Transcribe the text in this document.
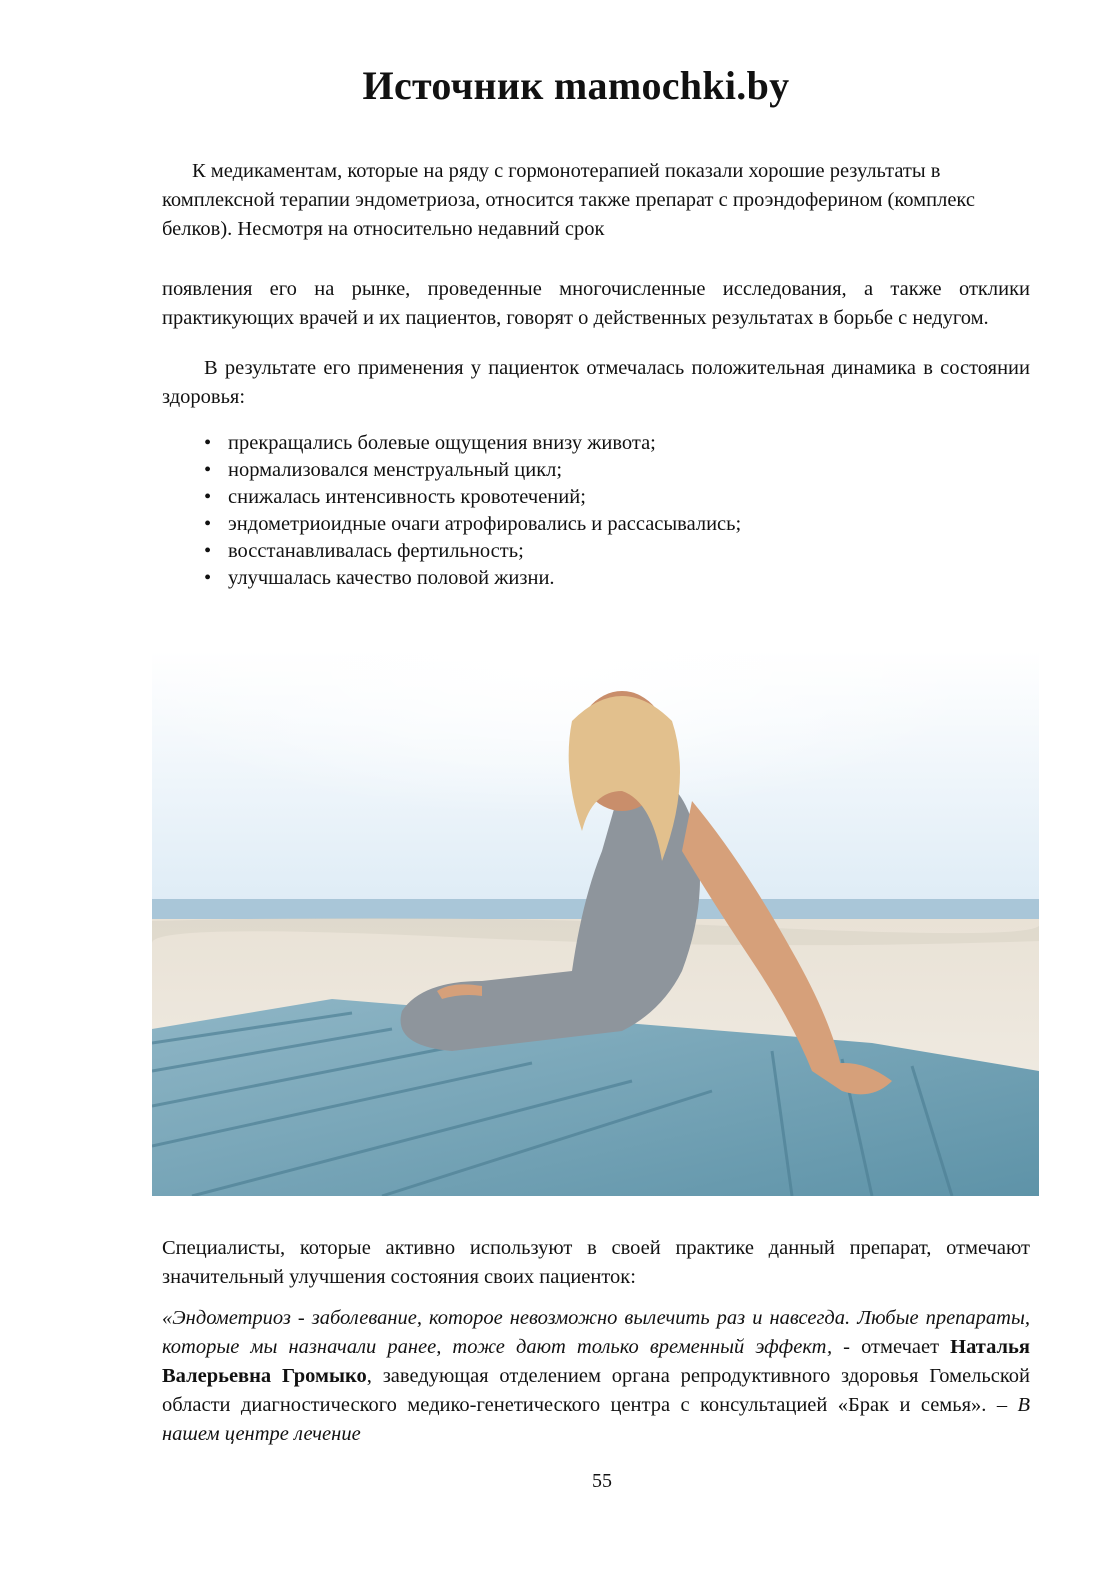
Источник mamochki.by

К медикаментам, которые на ряду с гормонотерапией показали хорошие результаты в комплексной терапии эндометриоза, относится также препарат с проэндоферином (комплекс белков). Несмотря на относительно недавний срок

появления его на рынке, проведенные многочисленные исследования, а также отклики практикующих врачей и их пациентов, говорят о действенных результатах в борьбе с недугом.

В результате его применения у пациенток отмечалась положительная динамика в состоянии здоровья:

• прекращались болевые ощущения внизу живота;
• нормализовался менструальный цикл;
• снижалась интенсивность кровотечений;
• эндометриоидные очаги атрофировались и рассасывались;
• восстанавливалась фертильность;
• улучшалась качество половой жизни.

Специалисты, которые активно используют в своей практике данный препарат, отмечают значительный улучшения состояния своих пациенток:

«Эндометриоз - заболевание, которое невозможно вылечить раз и навсегда. Любые препараты, которые мы назначали ранее, тоже дают только временный эффект, - отмечает Наталья Валерьевна Громыко, заведующая отделением органа репродуктивного здоровья Гомельской области диагностического медико-генетического центра с консультацией «Брак и семья». – В нашем центре лечение

55
